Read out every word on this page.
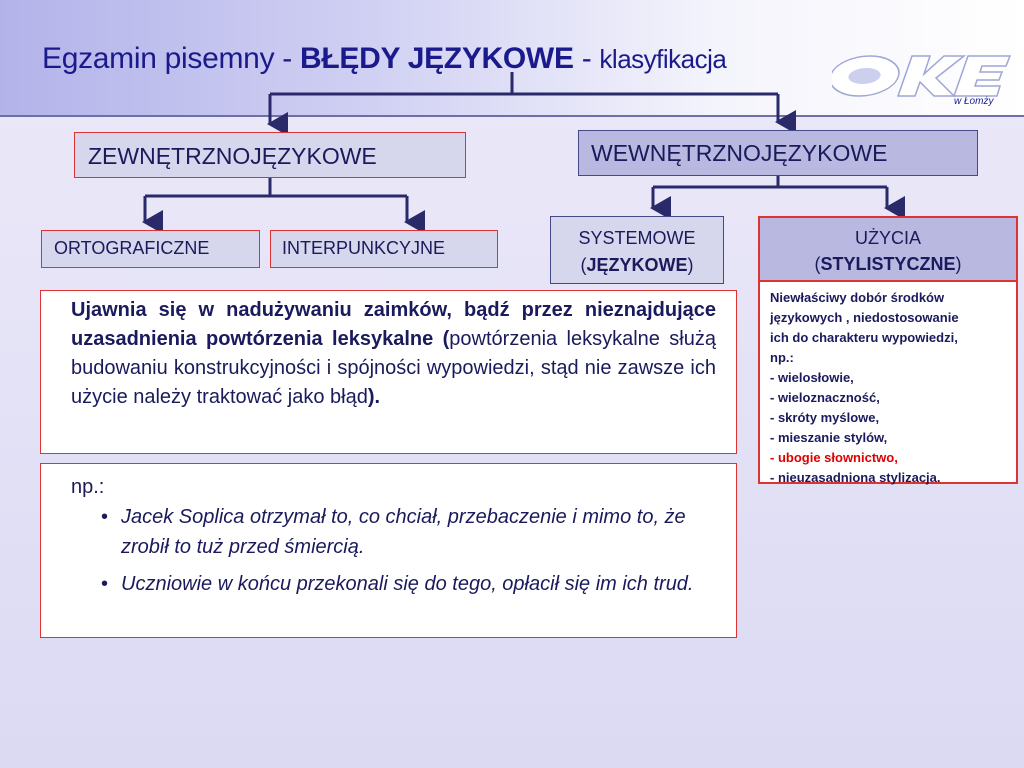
Egzamin pisemny - BŁĘDY JĘZYKOWE - klasyfikacja
w Łomży
ZEWNĘTRZNOJĘZYKOWE	WEWNĘTRZNOJĘZYKOWE
ORTOGRAFICZNE	INTERPUNKCYJNE	SYSTEMOWE
(JĘZYKOWE)
UŻYCIA
(STYLISTYCZNE)
Niewłaściwy dobór środków
językowych , niedostosowanie
ich do charakteru wypowiedzi,
np.:
- wielosłowie,
- wieloznaczność,
- skróty myślowe,
- mieszanie stylów,
- ubogie słownictwo,
- nieuzasadniona stylizacja.
Ujawnia się w nadużywaniu zaimków, bądź przez nieznajdujące uzasadnienia powtórzenia leksykalne (powtórzenia leksykalne służą budowaniu konstrukcyjności i spójności wypowiedzi, stąd nie zawsze ich użycie należy traktować jako błąd).
np.:
• Jacek Soplica otrzymał to, co chciał, przebaczenie i mimo to, że zrobił to tuż przed śmiercią.
• Uczniowie w końcu przekonali się do tego, opłacił się im ich trud.
